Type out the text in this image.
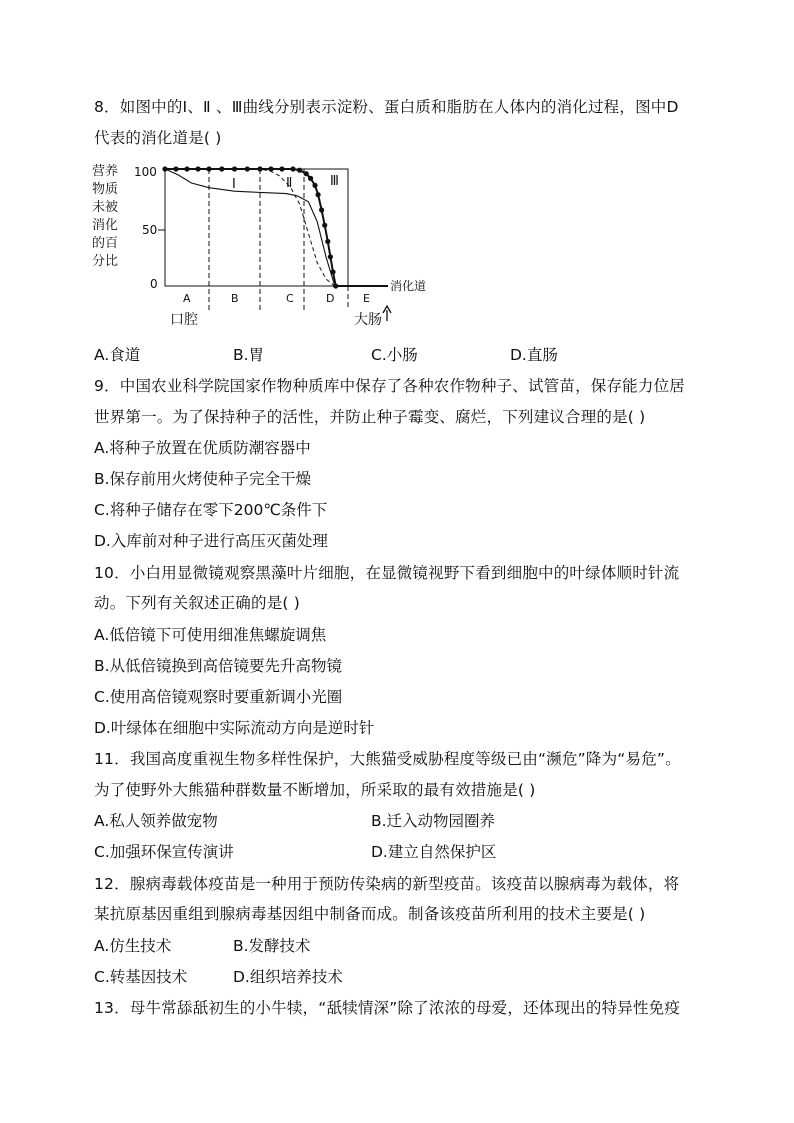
8．如图中的Ⅰ、Ⅱ 、Ⅲ曲线分别表示淀粉、蛋白质和脂肪在人体内的消化过程，图中D
代表的消化道是( )
营养
物质
未被
消化
的百
分比
100
50
0
Ⅰ	Ⅱ	Ⅲ
A	B	C	D	E
消化道
口腔	大肠
A.食道	B.胃	C.小肠	D.直肠
9．中国农业科学院国家作物种质库中保存了各种农作物种子、试管苗，保存能力位居
世界第一。为了保持种子的活性，并防止种子霉变、腐烂，下列建议合理的是( )
A.将种子放置在优质防潮容器中
B.保存前用火烤使种子完全干燥
C.将种子储存在零下200℃条件下
D.入库前对种子进行高压灭菌处理
10．小白用显微镜观察黑藻叶片细胞，在显微镜视野下看到细胞中的叶绿体顺时针流
动。下列有关叙述正确的是( )
A.低倍镜下可使用细准焦螺旋调焦
B.从低倍镜换到高倍镜要先升高物镜
C.使用高倍镜观察时要重新调小光圈
D.叶绿体在细胞中实际流动方向是逆时针
11．我国高度重视生物多样性保护，大熊猫受威胁程度等级已由“濒危”降为“易危”。
为了使野外大熊猫种群数量不断增加，所采取的最有效措施是( )
A.私人领养做宠物	B.迁入动物园圈养
C.加强环保宣传演讲	D.建立自然保护区
12．腺病毒载体疫苗是一种用于预防传染病的新型疫苗。该疫苗以腺病毒为载体，将
某抗原基因重组到腺病毒基因组中制备而成。制备该疫苗所利用的技术主要是( )
A.仿生技术	B.发酵技术
C.转基因技术	D.组织培养技术
13．母牛常舔舐初生的小牛犊，“舐犊情深”除了浓浓的母爱，还体现出的特异性免疫
